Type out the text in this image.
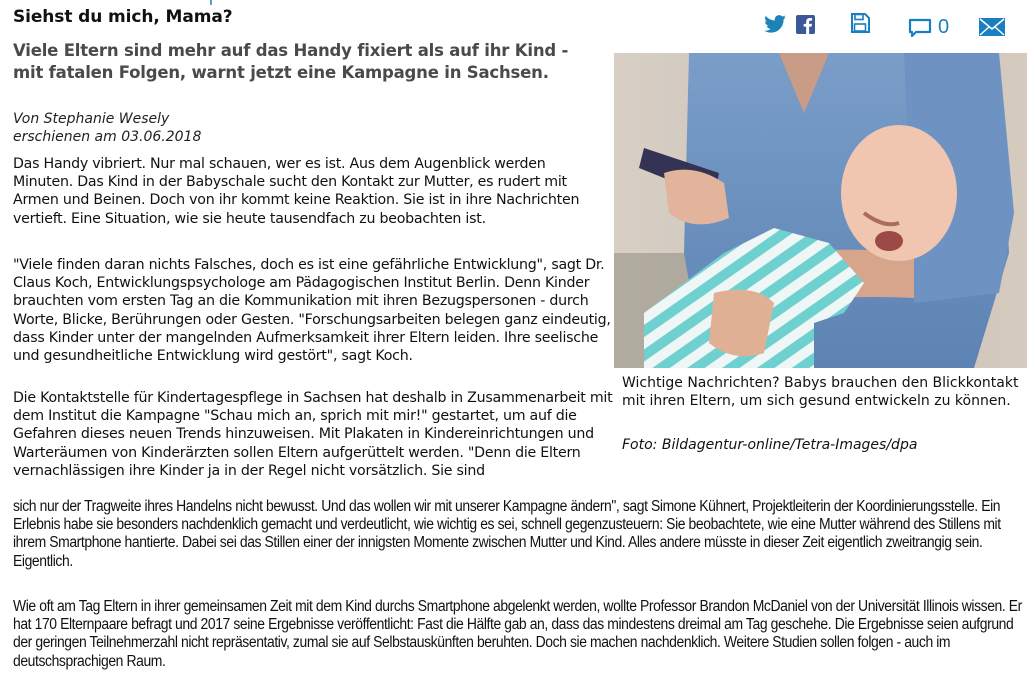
Siehst du mich, Mama?	0

Viele Eltern sind mehr auf das Handy fixiert als auf ihr Kind - mit fatalen Folgen, warnt jetzt eine Kampagne in Sachsen.

Von Stephanie Wesely
erschienen am 03.06.2018

Das Handy vibriert. Nur mal schauen, wer es ist. Aus dem Augenblick werden Minuten. Das Kind in der Babyschale sucht den Kontakt zur Mutter, es rudert mit Armen und Beinen. Doch von ihr kommt keine Reaktion. Sie ist in ihre Nachrichten vertieft. Eine Situation, wie sie heute tausendfach zu beobachten ist.

"Viele finden daran nichts Falsches, doch es ist eine gefährliche Entwicklung", sagt Dr. Claus Koch, Entwicklungspsychologe am Pädagogischen Institut Berlin. Denn Kinder brauchten vom ersten Tag an die Kommunikation mit ihren Bezugspersonen - durch Worte, Blicke, Berührungen oder Gesten. "Forschungsarbeiten belegen ganz eindeutig, dass Kinder unter der mangelnden Aufmerksamkeit ihrer Eltern leiden. Ihre seelische und gesundheitliche Entwicklung wird gestört", sagt Koch.

Die Kontaktstelle für Kindertagespflege in Sachsen hat deshalb in Zusammenarbeit mit dem Institut die Kampagne "Schau mich an, sprich mit mir!" gestartet, um auf die Gefahren dieses neuen Trends hinzuweisen. Mit Plakaten in Kindereinrichtungen und Warteräumen von Kinderärzten sollen Eltern aufgerüttelt werden. "Denn die Eltern vernachlässigen ihre Kinder ja in der Regel nicht vorsätzlich. Sie sind

sich nur der Tragweite ihres Handelns nicht bewusst. Und das wollen wir mit unserer Kampagne ändern", sagt Simone Kühnert, Projektleiterin der Koordinierungsstelle. Ein Erlebnis habe sie besonders nachdenklich gemacht und verdeutlicht, wie wichtig es sei, schnell gegenzusteuern: Sie beobachtete, wie eine Mutter während des Stillens mit ihrem Smartphone hantierte. Dabei sei das Stillen einer der innigsten Momente zwischen Mutter und Kind. Alles andere müsste in dieser Zeit eigentlich zweitrangig sein. Eigentlich.

Wie oft am Tag Eltern in ihrer gemeinsamen Zeit mit dem Kind durchs Smartphone abgelenkt werden, wollte Professor Brandon McDaniel von der Universität Illinois wissen. Er hat 170 Elternpaare befragt und 2017 seine Ergebnisse veröffentlicht: Fast die Hälfte gab an, dass das mindestens dreimal am Tag geschehe. Die Ergebnisse seien aufgrund der geringen Teilnehmerzahl nicht repräsentativ, zumal sie auf Selbstauskünften beruhten. Doch sie machen nachdenklich. Weitere Studien sollen folgen - auch im deutschsprachigen Raum.

Wichtige Nachrichten? Babys brauchen den Blickkontakt mit ihren Eltern, um sich gesund entwickeln zu können.

Foto: Bildagentur-online/Tetra-Images/dpa
